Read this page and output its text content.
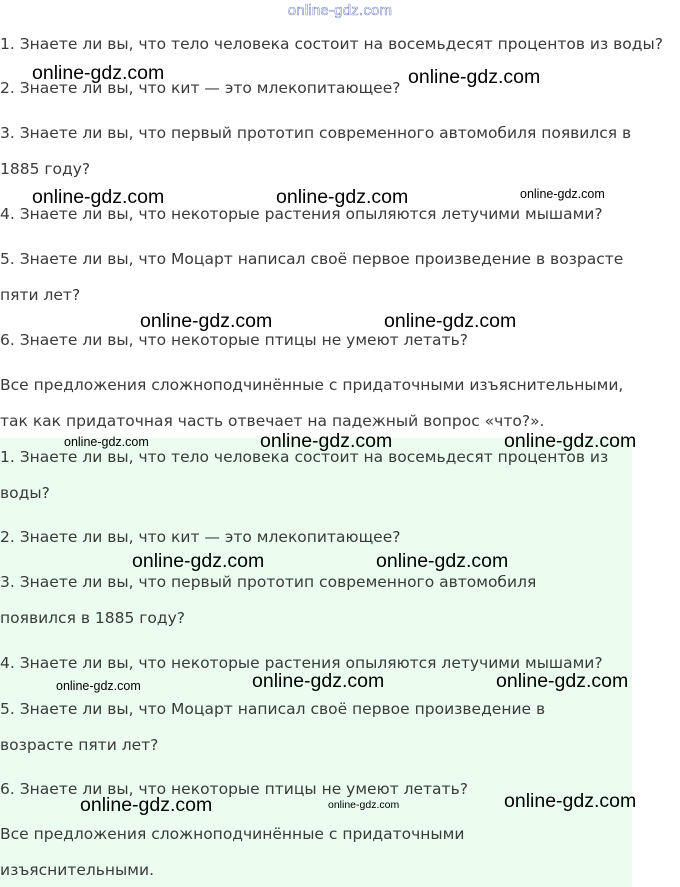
online-gdz.com
1. Знаете ли вы, что тело человека состоит на восемьдесят процентов из воды?
2. Знаете ли вы, что кит — это млекопитающее?
3. Знаете ли вы, что первый прототип современного автомобиля появился в
1885 году?
4. Знаете ли вы, что некоторые растения опыляются летучими мышами?
5. Знаете ли вы, что Моцарт написал своё первое произведение в возрасте
пяти лет?
6. Знаете ли вы, что некоторые птицы не умеют летать?
Все предложения сложноподчинённые с придаточными изъяснительными,
так как придаточная часть отвечает на падежный вопрос «что?».
1. Знаете ли вы, что тело человека состоит на восемьдесят процентов из
воды?
2. Знаете ли вы, что кит — это млекопитающее?
3. Знаете ли вы, что первый прототип современного автомобиля
появился в 1885 году?
4. Знаете ли вы, что некоторые растения опыляются летучими мышами?
5. Знаете ли вы, что Моцарт написал своё первое произведение в
возрасте пяти лет?
6. Знаете ли вы, что некоторые птицы не умеют летать?
Все предложения сложноподчинённые с придаточными
изъяснительными.
online-gdz.com	online-gdz.com
online-gdz.com	online-gdz.com	online-gdz.com
online-gdz.com	online-gdz.com
online-gdz.com	online-gdz.com	online-gdz.com
online-gdz.com	online-gdz.com
online-gdz.com	online-gdz.com	online-gdz.com
online-gdz.com	online-gdz.com	online-gdz.com
